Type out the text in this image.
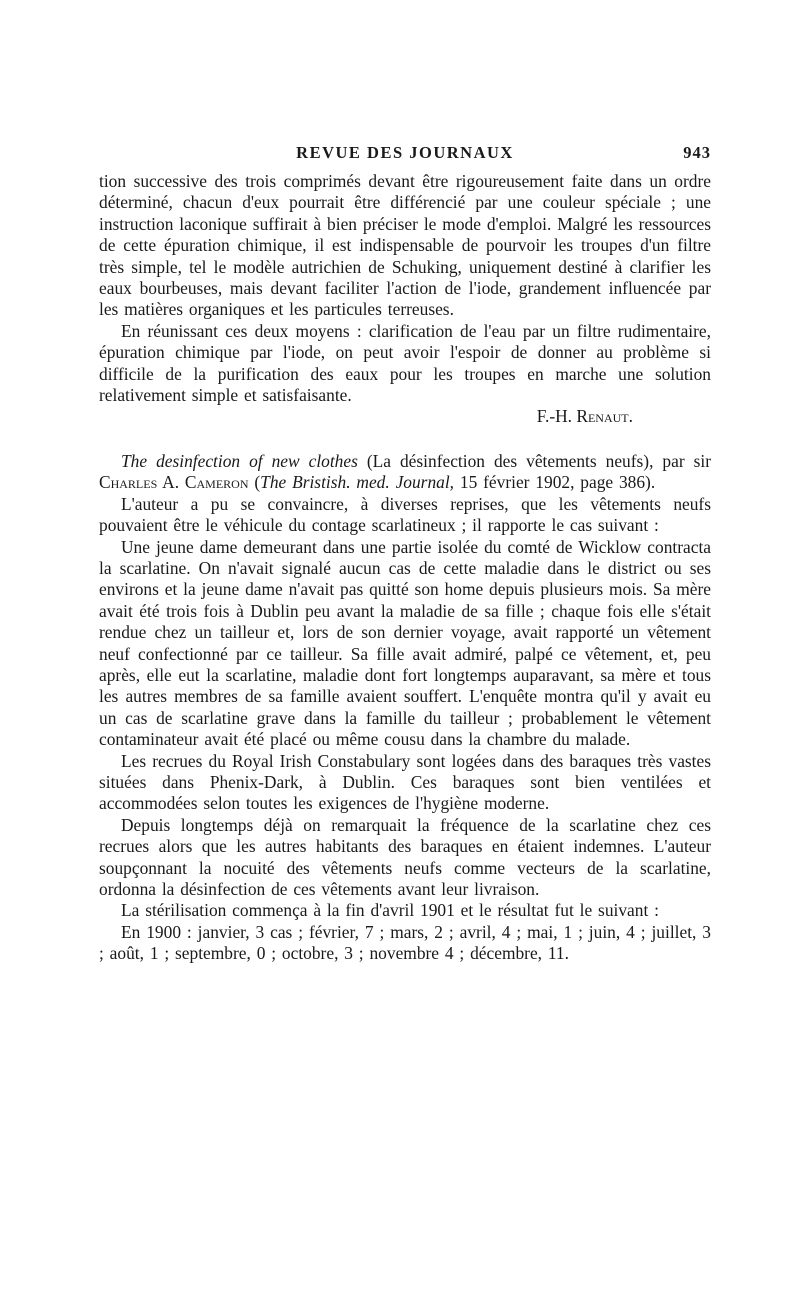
REVUE DES JOURNAUX	943

tion successive des trois comprimés devant être rigoureusement faite dans un ordre déterminé, chacun d'eux pourrait être différencié par une couleur spéciale ; une instruction laconique suffirait à bien préciser le mode d'emploi. Malgré les ressources de cette épuration chimique, il est indispensable de pourvoir les troupes d'un filtre très simple, tel le modèle autrichien de Schuking, uniquement destiné à clarifier les eaux bourbeuses, mais devant faciliter l'action de l'iode, grandement influencée par les matières organiques et les particules terreuses.

En réunissant ces deux moyens : clarification de l'eau par un filtre rudimentaire, épuration chimique par l'iode, on peut avoir l'espoir de donner au problème si difficile de la purification des eaux pour les troupes en marche une solution relativement simple et satisfaisante.

F.-H. Renaut.

The desinfection of new clothes (La désinfection des vêtements neufs), par sir Charles A. Cameron (The Bristish. med. Journal, 15 février 1902, page 386).

L'auteur a pu se convaincre, à diverses reprises, que les vêtements neufs pouvaient être le véhicule du contage scarlatineux ; il rapporte le cas suivant :

Une jeune dame demeurant dans une partie isolée du comté de Wicklow contracta la scarlatine. On n'avait signalé aucun cas de cette maladie dans le district ou ses environs et la jeune dame n'avait pas quitté son home depuis plusieurs mois. Sa mère avait été trois fois à Dublin peu avant la maladie de sa fille ; chaque fois elle s'était rendue chez un tailleur et, lors de son dernier voyage, avait rapporté un vêtement neuf confectionné par ce tailleur. Sa fille avait admiré, palpé ce vêtement, et, peu après, elle eut la scarlatine, maladie dont fort longtemps auparavant, sa mère et tous les autres membres de sa famille avaient souffert. L'enquête montra qu'il y avait eu un cas de scarlatine grave dans la famille du tailleur ; probablement le vêtement contaminateur avait été placé ou même cousu dans la chambre du malade.

Les recrues du Royal Irish Constabulary sont logées dans des baraques très vastes situées dans Phenix-Dark, à Dublin. Ces baraques sont bien ventilées et accommodées selon toutes les exigences de l'hygiène moderne.

Depuis longtemps déjà on remarquait la fréquence de la scarlatine chez ces recrues alors que les autres habitants des baraques en étaient indemnes. L'auteur soupçonnant la nocuité des vêtements neufs comme vecteurs de la scarlatine, ordonna la désinfection de ces vêtements avant leur livraison.

La stérilisation commença à la fin d'avril 1901 et le résultat fut le suivant :

En 1900 : janvier, 3 cas ; février, 7 ; mars, 2 ; avril, 4 ; mai, 1 ; juin, 4 ; juillet, 3 ; août, 1 ; septembre, 0 ; octobre, 3 ; novembre 4 ; décembre, 11.
